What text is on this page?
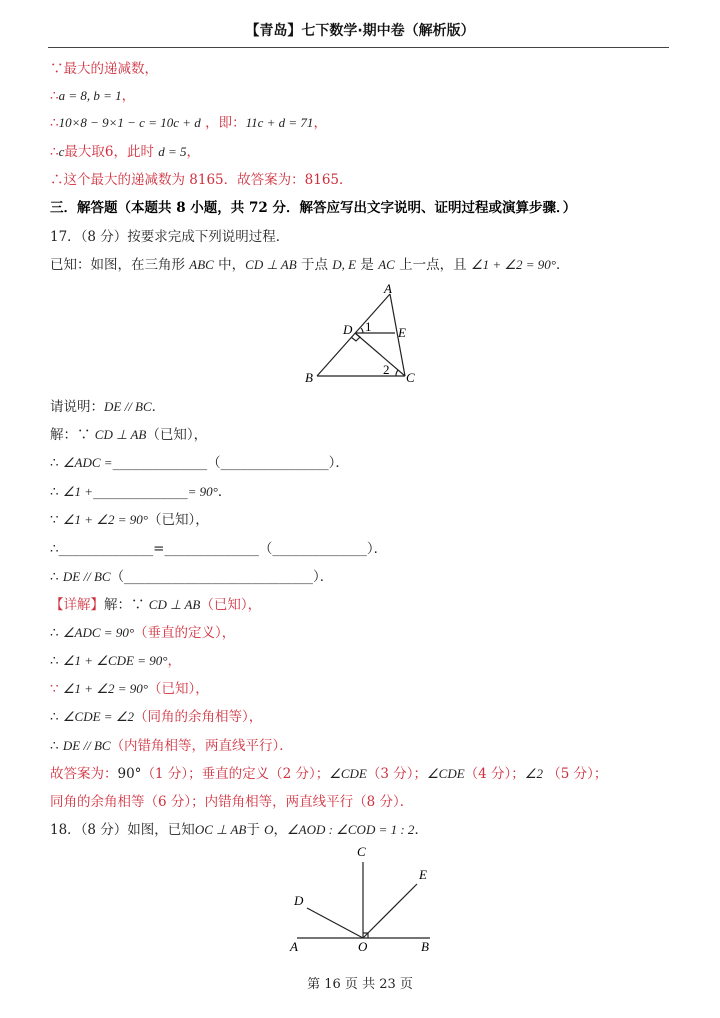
【青岛】七下数学·期中卷（解析版）
∵最大的递减数，
∴a = 8, b = 1，
∴10×8 − 9×1 − c = 10c + d ，即：11c + d = 71，
∴c最大取6，此时 d = 5，
∴这个最大的递减数为 8165．故答案为：8165．
三．解答题（本题共 8 小题，共 72 分．解答应写出文字说明、证明过程或演算步骤．）
17．（8 分）按要求完成下列说明过程．
已知：如图，在三角形 ABC 中，CD ⊥ AB 于点 D, E 是 AC 上一点，且 ∠1 + ∠2 = 90°．
请说明：DE // BC．
解：∵ CD ⊥ AB（已知），
∴ ∠ADC =______________（________________）．
∴ ∠1 +______________= 90°．
∵ ∠1 + ∠2 = 90°（已知），
∴______________=______________（______________）．
∴ DE // BC（____________________________）．
【详解】解：∵ CD ⊥ AB（已知），
∴ ∠ADC = 90°（垂直的定义），
∴ ∠1 + ∠CDE = 90°，
∵ ∠1 + ∠2 = 90°（已知），
∴ ∠CDE = ∠2（同角的余角相等），
∴ DE // BC（内错角相等，两直线平行）．
故答案为：90°（1 分）；垂直的定义（2 分）；∠CDE（3 分）；∠CDE（4 分）；∠2 （5 分）；
同角的余角相等（6 分）；内错角相等，两直线平行（8 分）．
18．（8 分）如图，已知OC ⊥ AB于 O，∠AOD : ∠COD = 1 : 2．
A
D 1 E
B
2
C
C
E
D
A	O	B
第 16 页 共 23 页
